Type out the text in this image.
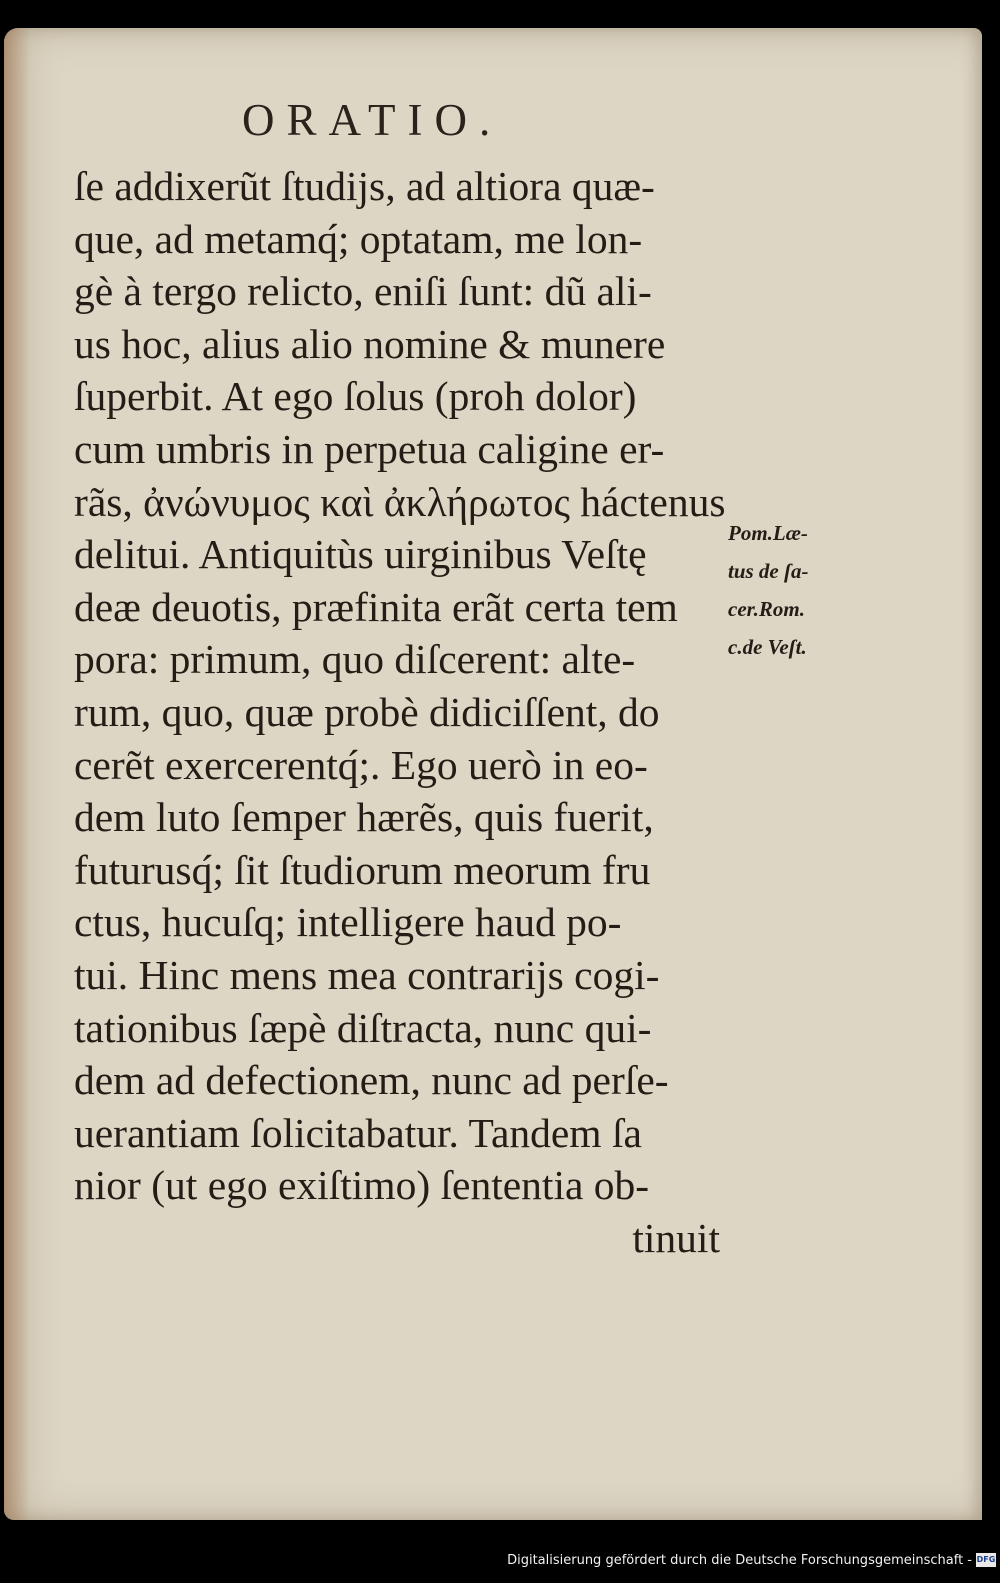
ORATIO.
ſe addixerũt ſtudijs, ad altiora quæ-
que, ad metamq́; optatam, me lon-
gè à tergo relicto, eniſi ſunt: dũ ali-
us hoc, alius alio nomine & munere
ſuperbit. At ego ſolus (proh dolor)
cum umbris in perpetua caligine er-
rãs, ἀνώνυμος καὶ ἀκλήρωτος háctenus
delitui. Antiquitùs uirginibus Veſtę
deæ deuotis, præfinita erãt certa tem
pora: primum, quo diſcerent: alte-
rum, quo, quæ probè didiciſſent, do
cerẽt exercerentq́;. Ego uerò in eo-
dem luto ſemper hærẽs, quis fuerit,
futurusq́; ſit ſtudiorum meorum fru
ctus, hucuſq; intelligere haud po-
tui. Hinc mens mea contrarijs cogi-
tationibus ſæpè diſtracta, nunc qui-
dem ad defectionem, nunc ad perſe-
uerantiam ſolicitabatur. Tandem ſa
nior (ut ego exiſtimo) ſententia ob-
tinuit
Pom.Læ-
tus de ſa-
cer.Rom.
c.de Veſt.
Digitalisierung gefördert durch die Deutsche Forschungsgemeinschaft - DFG
